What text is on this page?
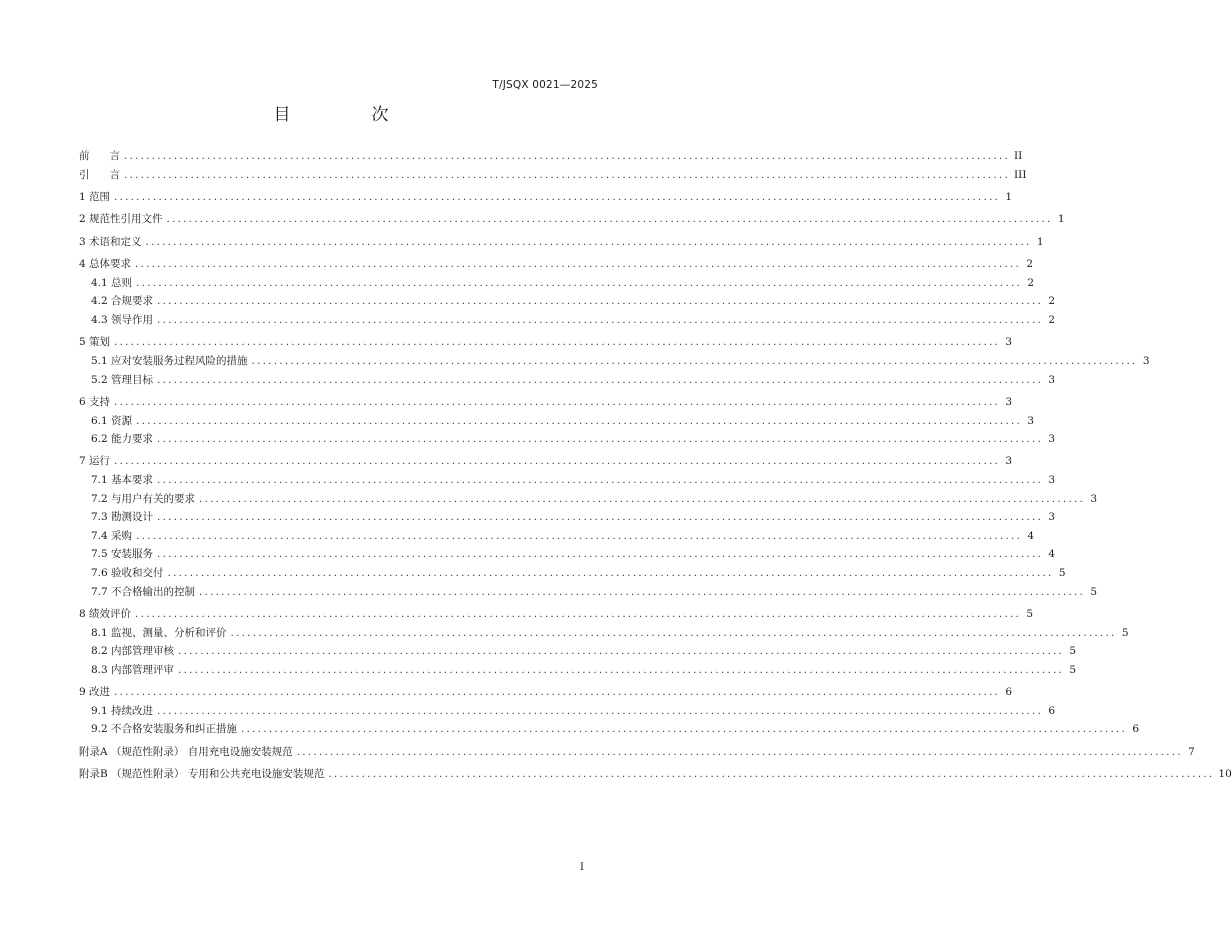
T/JSQX 0021—2025
目　次
前言 ................................................................................................................................................................ II
引言 ................................................................................................................................................................ III
1 范围 ................................................................................................................................................................ 1
2 规范性引用文件 ................................................................................................................................................................ 1
3 术语和定义 ................................................................................................................................................................ 1
4 总体要求 ................................................................................................................................................................ 2
4.1 总则 ................................................................................................................................................................ 2
4.2 合规要求 ................................................................................................................................................................ 2
4.3 领导作用 ................................................................................................................................................................ 2
5 策划 ................................................................................................................................................................ 3
5.1 应对安装服务过程风险的措施 ................................................................................................................................................................ 3
5.2 管理目标 ................................................................................................................................................................ 3
6 支持 ................................................................................................................................................................ 3
6.1 资源 ................................................................................................................................................................ 3
6.2 能力要求 ................................................................................................................................................................ 3
7 运行 ................................................................................................................................................................ 3
7.1 基本要求 ................................................................................................................................................................ 3
7.2 与用户有关的要求 ................................................................................................................................................................ 3
7.3 勘测设计 ................................................................................................................................................................ 3
7.4 采购 ................................................................................................................................................................ 4
7.5 安装服务 ................................................................................................................................................................ 4
7.6 验收和交付 ................................................................................................................................................................ 5
7.7 不合格输出的控制 ................................................................................................................................................................ 5
8 绩效评价 ................................................................................................................................................................ 5
8.1 监视、测量、分析和评价 ................................................................................................................................................................ 5
8.2 内部管理审核 ................................................................................................................................................................ 5
8.3 内部管理评审 ................................................................................................................................................................ 5
9 改进 ................................................................................................................................................................ 6
9.1 持续改进 ................................................................................................................................................................ 6
9.2 不合格安装服务和纠正措施 ................................................................................................................................................................ 6
附录A （规范性附录） 自用充电设施安装规范 ................................................................................................................................................................ 7
附录B （规范性附录） 专用和公共充电设施安装规范 ................................................................................................................................................................ 10
I
